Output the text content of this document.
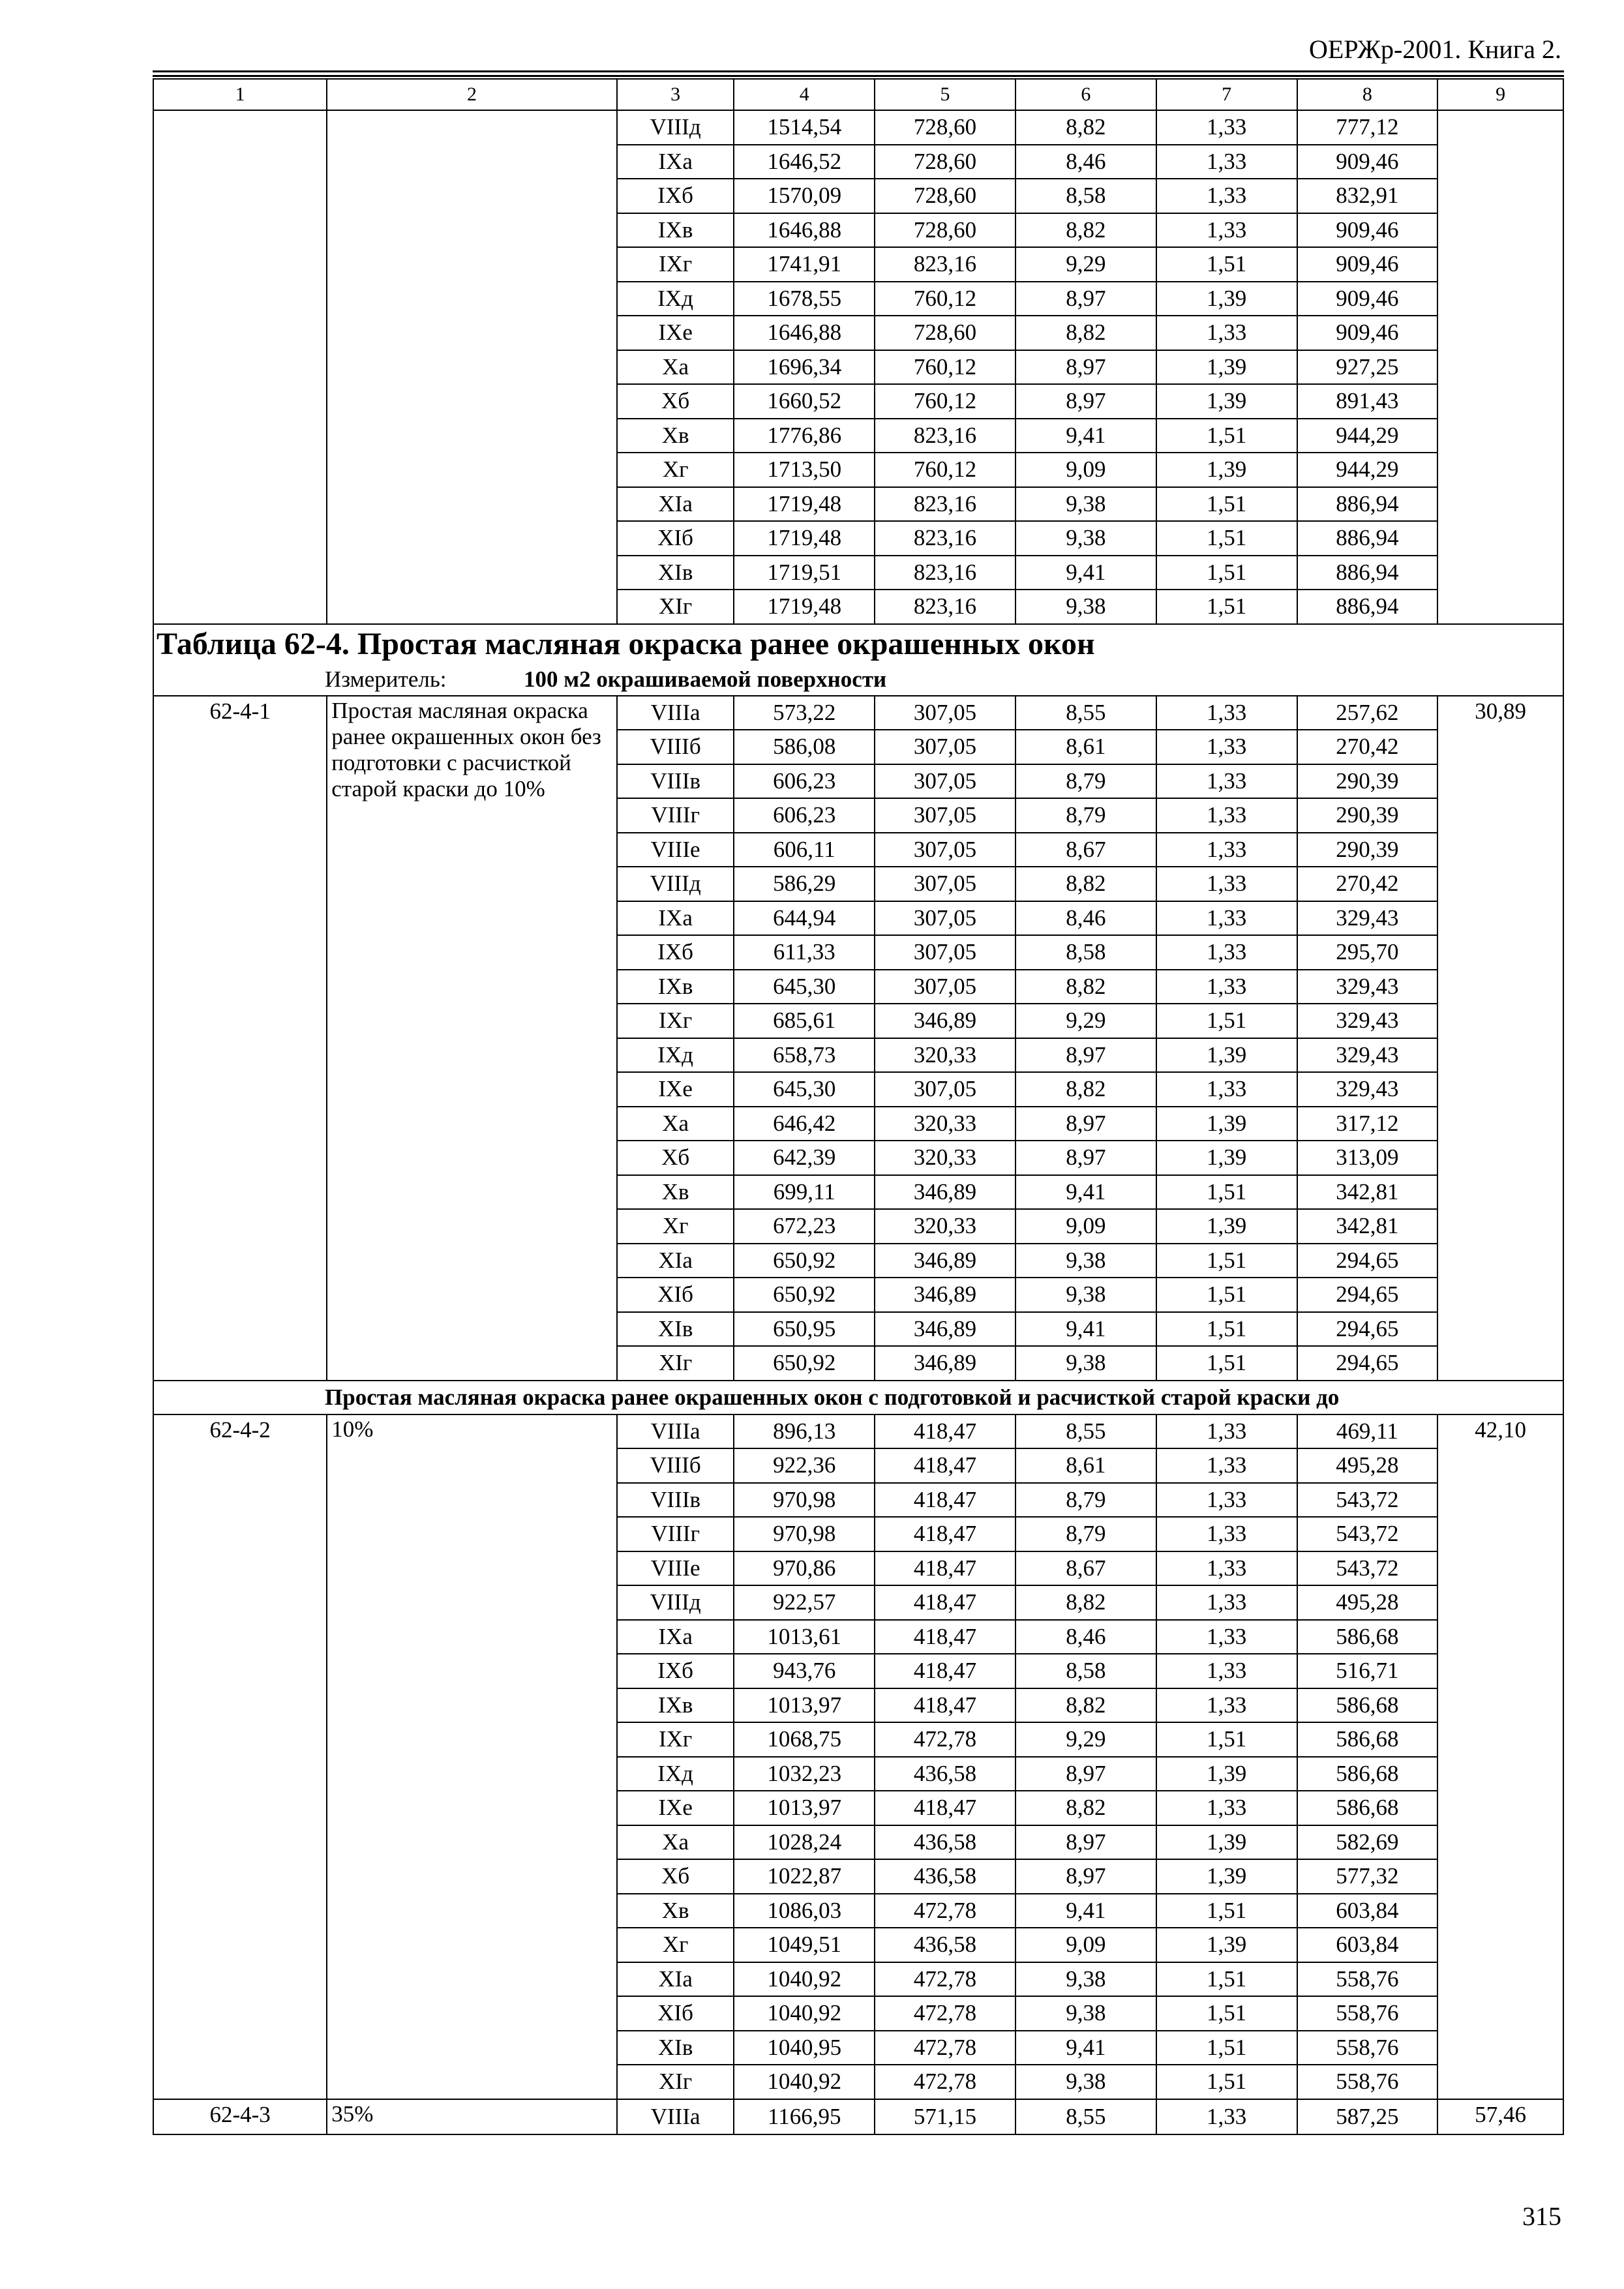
ОЕРЖр-2001. Книга 2.
1	2	3	4	5	6	7	8	9
		VIIIд	1514,54	728,60	8,82	1,33	777,12	
		IXа	1646,52	728,60	8,46	1,33	909,46	
		IXб	1570,09	728,60	8,58	1,33	832,91	
		IXв	1646,88	728,60	8,82	1,33	909,46	
		IXг	1741,91	823,16	9,29	1,51	909,46	
		IXд	1678,55	760,12	8,97	1,39	909,46	
		IXе	1646,88	728,60	8,82	1,33	909,46	
		Xа	1696,34	760,12	8,97	1,39	927,25	
		Xб	1660,52	760,12	8,97	1,39	891,43	
		Xв	1776,86	823,16	9,41	1,51	944,29	
		Xг	1713,50	760,12	9,09	1,39	944,29	
		XIа	1719,48	823,16	9,38	1,51	886,94	
		XIб	1719,48	823,16	9,38	1,51	886,94	
		XIв	1719,51	823,16	9,41	1,51	886,94	
		XIг	1719,48	823,16	9,38	1,51	886,94	
Таблица 62-4. Простая масляная окраска ранее окрашенных окон								
Измеритель: 100 м2 окрашиваемой поверхности								
62-4-1	Простая масляная окраска ранее окрашенных окон без подготовки с расчисткой старой краски до 10%	VIIIа	573,22	307,05	8,55	1,33	257,62	30,89
		VIIIб	586,08	307,05	8,61	1,33	270,42	
		VIIIв	606,23	307,05	8,79	1,33	290,39	
		VIIIг	606,23	307,05	8,79	1,33	290,39	
		VIIIе	606,11	307,05	8,67	1,33	290,39	
		VIIIд	586,29	307,05	8,82	1,33	270,42	
		IXа	644,94	307,05	8,46	1,33	329,43	
		IXб	611,33	307,05	8,58	1,33	295,70	
		IXв	645,30	307,05	8,82	1,33	329,43	
		IXг	685,61	346,89	9,29	1,51	329,43	
		IXд	658,73	320,33	8,97	1,39	329,43	
		IXе	645,30	307,05	8,82	1,33	329,43	
		Xа	646,42	320,33	8,97	1,39	317,12	
		Xб	642,39	320,33	8,97	1,39	313,09	
		Xв	699,11	346,89	9,41	1,51	342,81	
		Xг	672,23	320,33	9,09	1,39	342,81	
		XIа	650,92	346,89	9,38	1,51	294,65	
		XIб	650,92	346,89	9,38	1,51	294,65	
		XIв	650,95	346,89	9,41	1,51	294,65	
		XIг	650,92	346,89	9,38	1,51	294,65	
Простая масляная окраска ранее окрашенных окон с подготовкой и расчисткой старой краски до								
62-4-2	10%	VIIIа	896,13	418,47	8,55	1,33	469,11	42,10
		VIIIб	922,36	418,47	8,61	1,33	495,28	
		VIIIв	970,98	418,47	8,79	1,33	543,72	
		VIIIг	970,98	418,47	8,79	1,33	543,72	
		VIIIе	970,86	418,47	8,67	1,33	543,72	
		VIIIд	922,57	418,47	8,82	1,33	495,28	
		IXа	1013,61	418,47	8,46	1,33	586,68	
		IXб	943,76	418,47	8,58	1,33	516,71	
		IXв	1013,97	418,47	8,82	1,33	586,68	
		IXг	1068,75	472,78	9,29	1,51	586,68	
		IXд	1032,23	436,58	8,97	1,39	586,68	
		IXе	1013,97	418,47	8,82	1,33	586,68	
		Xа	1028,24	436,58	8,97	1,39	582,69	
		Xб	1022,87	436,58	8,97	1,39	577,32	
		Xв	1086,03	472,78	9,41	1,51	603,84	
		Xг	1049,51	436,58	9,09	1,39	603,84	
		XIа	1040,92	472,78	9,38	1,51	558,76	
		XIб	1040,92	472,78	9,38	1,51	558,76	
		XIв	1040,95	472,78	9,41	1,51	558,76	
		XIг	1040,92	472,78	9,38	1,51	558,76	
62-4-3	35%	VIIIа	1166,95	571,15	8,55	1,33	587,25	57,46
315
